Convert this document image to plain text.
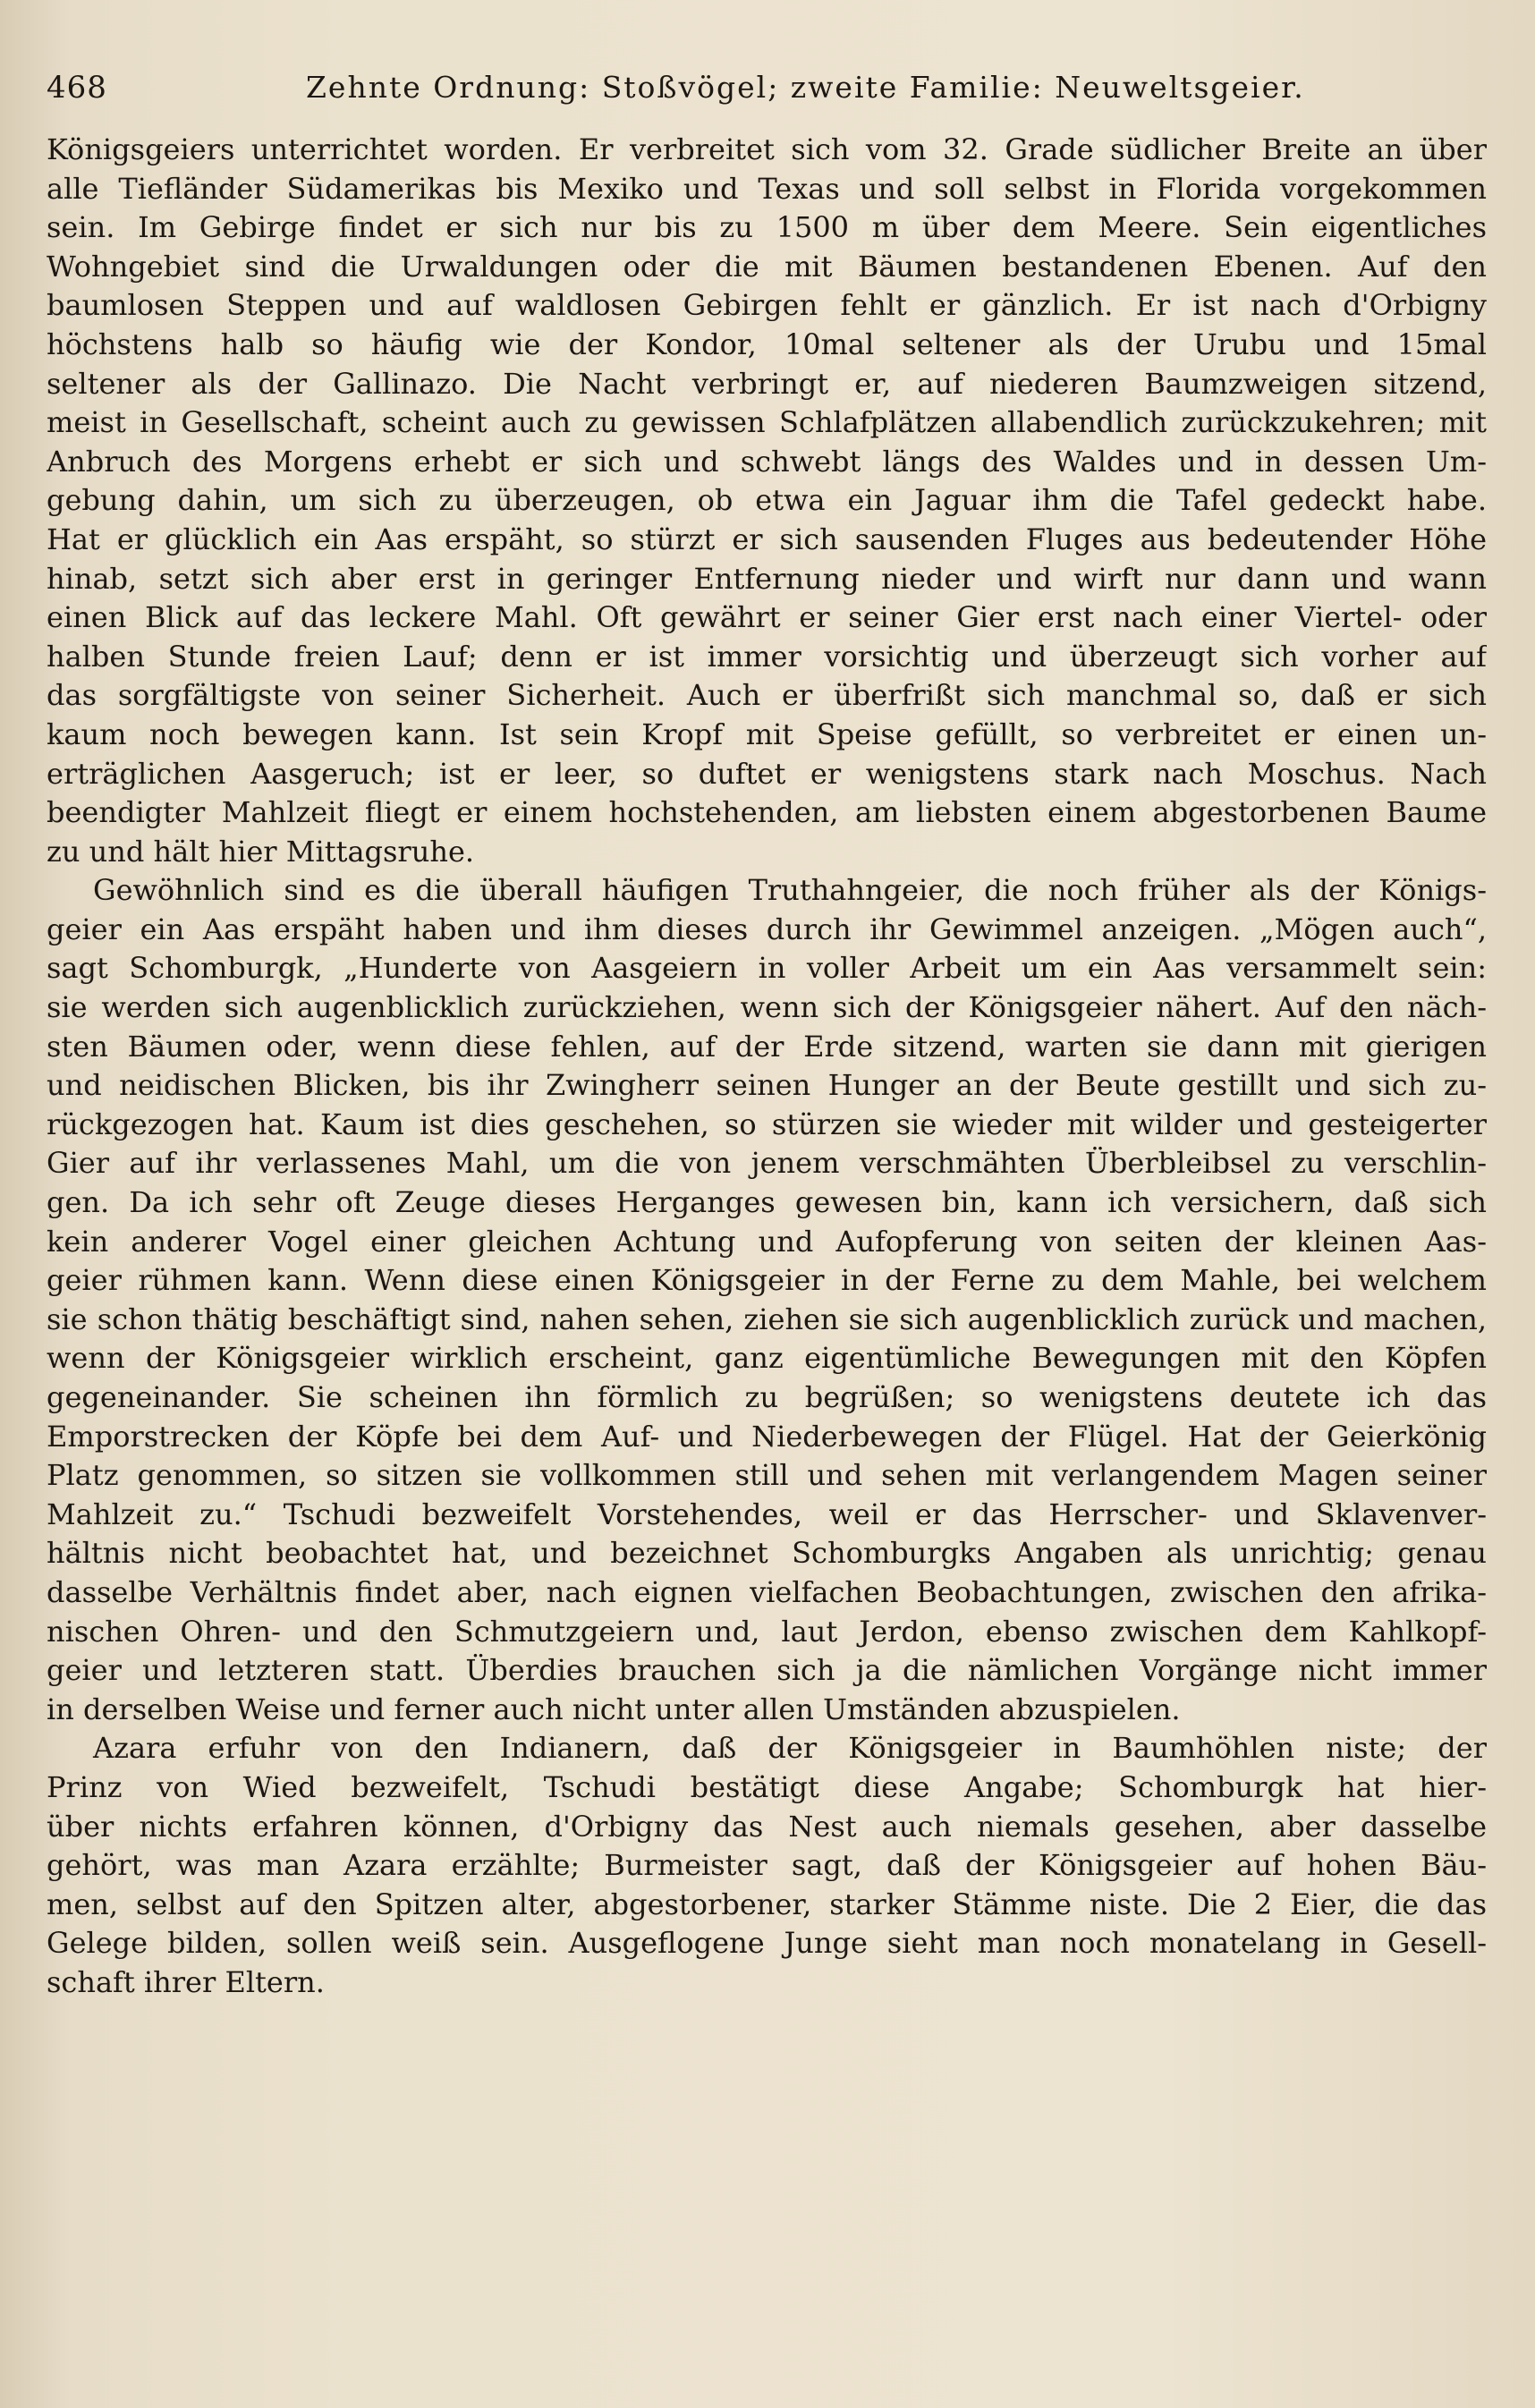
468	Zehnte Ordnung: Stoßvögel; zweite Familie: Neuweltsgeier.
Königsgeiers unterrichtet worden. Er verbreitet sich vom 32. Grade südlicher Breite an über
alle Tiefländer Südamerikas bis Mexiko und Texas und soll selbst in Florida vorgekommen
sein. Im Gebirge findet er sich nur bis zu 1500 m über dem Meere. Sein eigentliches
Wohngebiet sind die Urwaldungen oder die mit Bäumen bestandenen Ebenen. Auf den
baumlosen Steppen und auf waldlosen Gebirgen fehlt er gänzlich. Er ist nach d'Orbigny
höchstens halb so häufig wie der Kondor, 10mal seltener als der Urubu und 15mal
seltener als der Gallinazo. Die Nacht verbringt er, auf niederen Baumzweigen sitzend,
meist in Gesellschaft, scheint auch zu gewissen Schlafplätzen allabendlich zurückzukehren; mit
Anbruch des Morgens erhebt er sich und schwebt längs des Waldes und in dessen Um-
gebung dahin, um sich zu überzeugen, ob etwa ein Jaguar ihm die Tafel gedeckt habe.
Hat er glücklich ein Aas erspäht, so stürzt er sich sausenden Fluges aus bedeutender Höhe
hinab, setzt sich aber erst in geringer Entfernung nieder und wirft nur dann und wann
einen Blick auf das leckere Mahl. Oft gewährt er seiner Gier erst nach einer Viertel- oder
halben Stunde freien Lauf; denn er ist immer vorsichtig und überzeugt sich vorher auf
das sorgfältigste von seiner Sicherheit. Auch er überfrißt sich manchmal so, daß er sich
kaum noch bewegen kann. Ist sein Kropf mit Speise gefüllt, so verbreitet er einen un-
erträglichen Aasgeruch; ist er leer, so duftet er wenigstens stark nach Moschus. Nach
beendigter Mahlzeit fliegt er einem hochstehenden, am liebsten einem abgestorbenen Baume
zu und hält hier Mittagsruhe.
Gewöhnlich sind es die überall häufigen Truthahngeier, die noch früher als der Königs-
geier ein Aas erspäht haben und ihm dieses durch ihr Gewimmel anzeigen. „Mögen auch“,
sagt Schomburgk, „Hunderte von Aasgeiern in voller Arbeit um ein Aas versammelt sein:
sie werden sich augenblicklich zurückziehen, wenn sich der Königsgeier nähert. Auf den näch-
sten Bäumen oder, wenn diese fehlen, auf der Erde sitzend, warten sie dann mit gierigen
und neidischen Blicken, bis ihr Zwingherr seinen Hunger an der Beute gestillt und sich zu-
rückgezogen hat. Kaum ist dies geschehen, so stürzen sie wieder mit wilder und gesteigerter
Gier auf ihr verlassenes Mahl, um die von jenem verschmähten Überbleibsel zu verschlin-
gen. Da ich sehr oft Zeuge dieses Herganges gewesen bin, kann ich versichern, daß sich
kein anderer Vogel einer gleichen Achtung und Aufopferung von seiten der kleinen Aas-
geier rühmen kann. Wenn diese einen Königsgeier in der Ferne zu dem Mahle, bei welchem
sie schon thätig beschäftigt sind, nahen sehen, ziehen sie sich augenblicklich zurück und machen,
wenn der Königsgeier wirklich erscheint, ganz eigentümliche Bewegungen mit den Köpfen
gegeneinander. Sie scheinen ihn förmlich zu begrüßen; so wenigstens deutete ich das
Emporstrecken der Köpfe bei dem Auf- und Niederbewegen der Flügel. Hat der Geierkönig
Platz genommen, so sitzen sie vollkommen still und sehen mit verlangendem Magen seiner
Mahlzeit zu.“ Tschudi bezweifelt Vorstehendes, weil er das Herrscher- und Sklavenver-
hältnis nicht beobachtet hat, und bezeichnet Schomburgks Angaben als unrichtig; genau
dasselbe Verhältnis findet aber, nach eignen vielfachen Beobachtungen, zwischen den afrika-
nischen Ohren- und den Schmutzgeiern und, laut Jerdon, ebenso zwischen dem Kahlkopf-
geier und letzteren statt. Überdies brauchen sich ja die nämlichen Vorgänge nicht immer
in derselben Weise und ferner auch nicht unter allen Umständen abzuspielen.
Azara erfuhr von den Indianern, daß der Königsgeier in Baumhöhlen niste; der
Prinz von Wied bezweifelt, Tschudi bestätigt diese Angabe; Schomburgk hat hier-
über nichts erfahren können, d'Orbigny das Nest auch niemals gesehen, aber dasselbe
gehört, was man Azara erzählte; Burmeister sagt, daß der Königsgeier auf hohen Bäu-
men, selbst auf den Spitzen alter, abgestorbener, starker Stämme niste. Die 2 Eier, die das
Gelege bilden, sollen weiß sein. Ausgeflogene Junge sieht man noch monatelang in Gesell-
schaft ihrer Eltern.
